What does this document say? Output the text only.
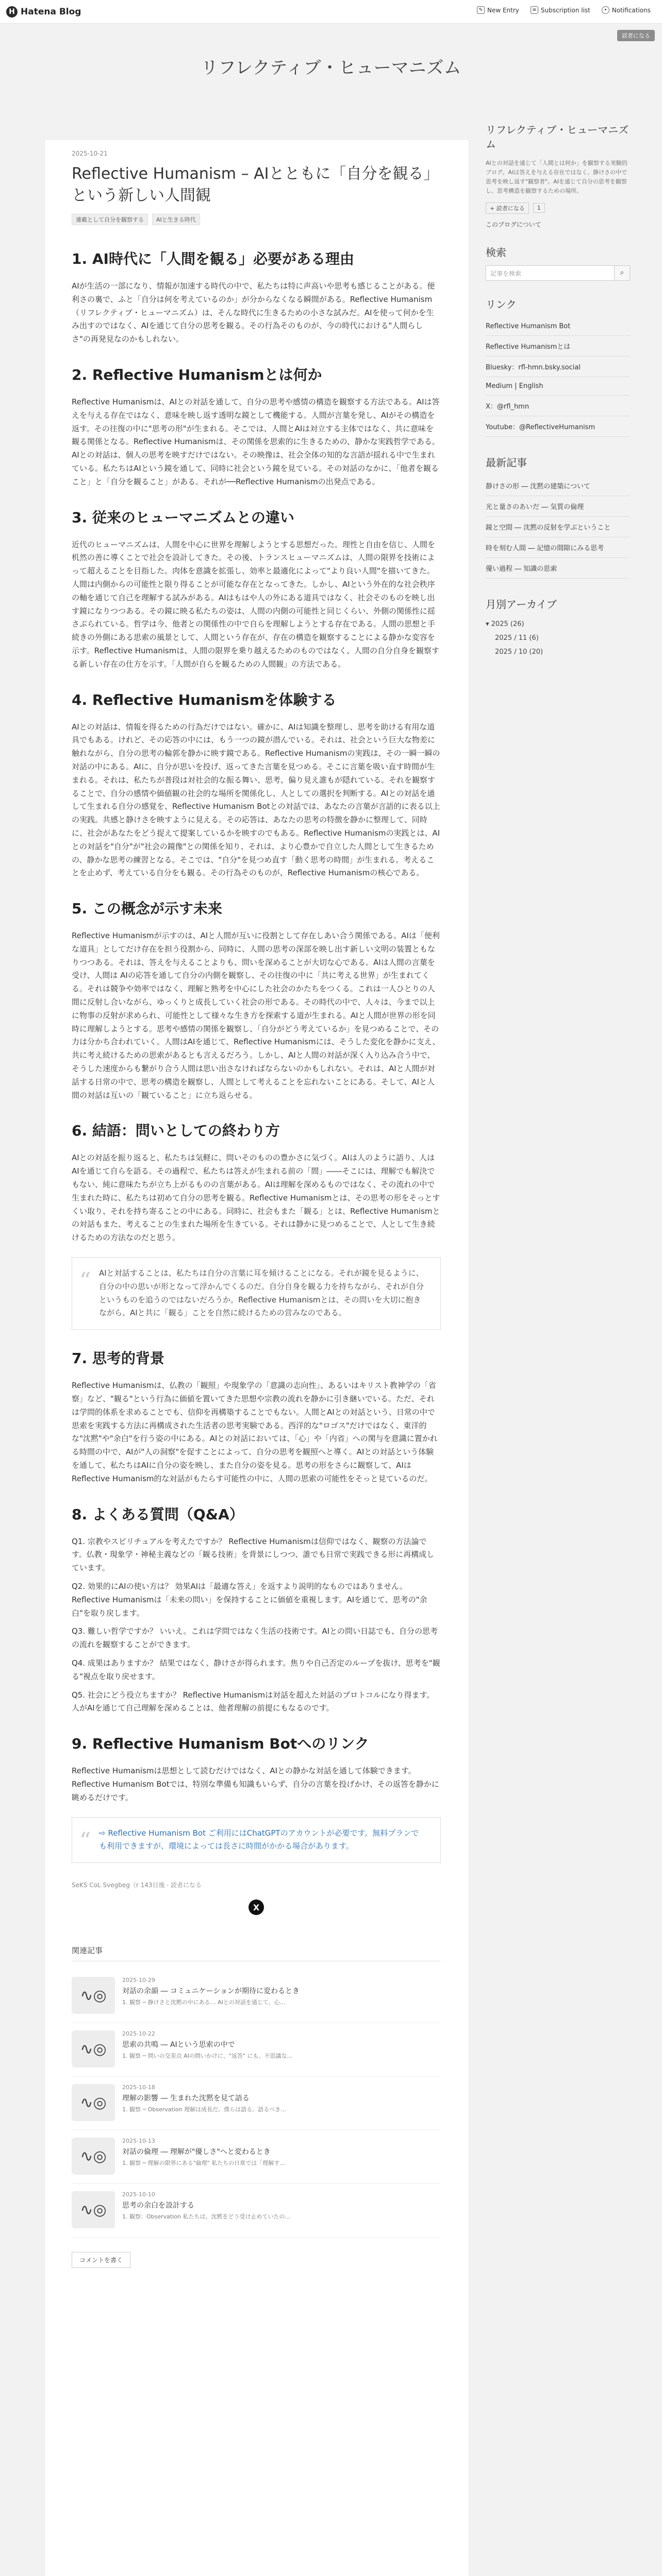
H Hatena Blog	✎ New Entry	≡ Subscription list	• Notifications
読者になる
リフレクティブ・ヒューマニズム
2025-10-21
Reflective Humanism – AIとともに「自分を観る」という新しい人間観
連載として自分を観察する	AIと生きる時代
1. AI時代に「人間を観る」必要がある理由

AIが生活の一部になり、情報が加速する時代の中で、私たちは特に声高いや思考も感じることがある。便利さの裏で、ふと「自分は何を考えているのか」が分からなくなる瞬間がある。Reflective Humanism（リフレクティブ・ヒューマニズム）は、そんな時代に生きるための小さな試みだ。AIを使って何かを生み出すのではなく、AIを通じて自分の思考を観る。その行為そのものが、今の時代における"人間らしさ"の再発見なのかもしれない。

2. Reflective Humanismとは何か

Reflective Humanismは、AIとの対話を通して、自分の思考や感情の構造を観察する方法である。AIは答えを与える存在ではなく、意味を映し返す透明な鏡として機能する。人間が言葉を発し、AIがその構造を返す。その往復の中に"思考の形"が生まれる。そこでは、人間とAIは対立する主体ではなく、共に意味を観る関係となる。Reflective Humanismは、その関係を思索的に生きるための、静かな実践哲学である。AIとの対話は、個人の思考を映すだけではない。その映像は、社会全体の知的な言語が揺れる中で生まれている。私たちはAIという鏡を通して、同時に社会という鏡を見ている。その対話のなかに、「他者を観ること」と「自分を観ること」がある。それが──Reflective Humanismの出発点である。

3. 従来のヒューマニズムとの違い

近代のヒューマニズムは、人間を中心に世界を理解しようとする思想だった。理性と自由を信じ、人間を机然の善に導くことで社会を設計してきた。その後、トランスヒューマニズムは、人間の限界を技術によって超えることを目指した。肉体を意識を拡張し、効率と最適化によって"より良い人間"を描いてきた。人間は内側からの可能性と限り得ることが可能な存在となってきた。しかし、AIという外在的な社会秩序の軸を通じて自己を理解する試みがある。AIはもはや人の外にある道具ではなく、社会そのものを映し出す鏡になりつつある。その鏡に映る私たちの姿は、人間の内側の可能性と同じくらい、外側の関係性に揺さぶられている。哲学は今、他者との関係性の中で自らを理解しようとする存在である。人間の思想と手続きの外側にある思索の風景として、人間という存在が、存在の構造を観察することによる静かな変容を示す。Reflective Humanismは、人間の限界を乗り越えるためのものではなく、人間の自分自身を観察する新しい存在の仕方を示す。「人間が自らを観るための人間観」の方法である。

4. Reflective Humanismを体験する

AIとの対話は、情報を得るための行為だけではない。確かに、AIは知識を整理し、思考を助ける有用な道具でもある。けれど、その応答の中には、もう一つの鏡が潜んでいる。それは、社会という巨大な物差に触れながら、自分の思考の輪郭を静かに映す鏡である。Reflective Humanismの実践は、その一瞬一瞬の対話の中にある。AIに、自分が思いを投げ、返ってきた言葉を見つめる。そこに言葉を吸い直す時間が生まれる。それは、私たちが普段は対社会的な振る舞い、思考、偏り見え誰もが隠れている。それを観察することで、自分の感情や価値観の社会的な場所を関係化し、人としての選択を判断する。AIとの対話を通して生まれる自分の感覚を、Reflective Humanism Botとの対話では、あなたの言葉が言語的に表る以上の実践。共感と静けさを映すように見える。その応答は、あなたの思考の特徴を静かに整理して、同時に、社会があなたをどう捉えて提案しているかを映すのでもある。Reflective Humanismの実践とは、AIとの対話を"自分"が"社会の鏡像"との関係を知り、それは、より心豊かで自立した人間として生きるための、静かな思考の練習となる。そこでは、"自分"を見つめ直す「動く思考の時間」が生まれる。考えることを止めず、考えている自分をも観る。その行為そのものが、Reflective Humanismの核心である。

5. この概念が示す未来

Reflective Humanismが示すのは、AIと人間が互いに役割として存在しあい合う関係である。AIは「便利な道具」としてだけ存在を担う役割から、同時に、人間の思考の深部を映し出す新しい文明の装置ともなりつつある。それは、答えを与えることよりも、問いを深めることが大切な心である。AIは人間の言葉を受け、人間は AIの応答を通して自分の内側を観察し、その往復の中に「共に考える世界」が生まれてくる。それは競争や効率ではなく、理解と熟考を中心にした社会のかたちをつくる。これは一人ひとりの人間に反射し合いながら、ゆっくりと成長していく社会の形である。その時代の中で、人々は、今まで以上に物事の反射が求められ、可能性として様々な生き方を探索する道が生まれる。AIと人間が世界の形を同時に理解しようとする。思考や感情の関係を観察し、「自分がどう考えているか」を見つめることで、その力は分かち合われていく。人間はAIを通じて、Reflective Humanismには、そうした変化を静かに支え、共に考え続けるための思索があるとも言えるだろう。しかし、AIと人間の対話が深く入り込み合う中で、そうした速度からも繋がり合う人間は思い出さなければならないのかもしれない。それは、AIと人間が対話する日常の中で、思考の構造を観察し、人間として考えることを忘れないことにある。そして、AIと人間の対話は互いの「観ていること」に立ち返らせる。

6. 結語：問いとしての終わり方

AIとの対話を振り返ると、私たちは気軽に、問いそのものの豊かさに気づく。AIは人のように語り、人はAIを通じて自らを語る。その過程で、私たちは答えが生まれる前の「間」――そこには、理解でも解決でもない、純に意味たちが立ち上がるものの言葉がある。AIは理解を深めるものではなく、その流れの中で生まれた時に、私たちは初めて自分の思考を観る。Reflective Humanismとは、その思考の形をそっとすくい取り、それを持ち寄ることの中にある。同時に、社会もまた「観る」とは、Reflective Humanismとの対話もまた、考えることの生まれた場所を生きている。それは静かに見つめることで、人として生き続けるための方法なのだと思う。

“ AIと対話することは、私たちは自分の言葉に耳を傾けることになる。それが鏡を見るように、自分の中の思いが形となって浮かんでくるのだ。自分自身を観る力を持ちながら、それが自分というものを追うのではないだろうか。Reflective Humanismとは、その問いを大切に抱きながら、AIと共に「観る」ことを自然に続けるための営みなのである。
7. 思考的背景

Reflective Humanismは、仏教の「観照」や現象学の「意識の志向性」、あるいはキリスト教神学の「省察」など、"観る"という行為に価値を置いてきた思想や宗教の流れを静かに引き継いでいる。ただ、それは学問的体系を求めることでも、信仰を再構築することでもない。人間とAIとの対話という、日常の中で思索を実践する方法に再構成された生活者の思考実験である。西洋的な"ロゴス"だけではなく、東洋的な"沈黙"や"余白"を行う姿の中にある。AIとの対話においては、「心」や「内省」への関与を意識に置かれる時間の中で、AIが"人の洞察"を促すことによって、自分の思考を観照へと導く。AIとの対話という体験を通して、私たちはAIに自分の姿を映し、また自分の姿を見る。思考の形をさらに観察して、AIはReflective Humanism的な対話がもたらす可能性の中に、人間の思索の可能性をそっと見ているのだ。

8. よくある質問（Q&A）

Q1. 宗教やスピリチュアルを考えたですか？ Reflective Humanismは信仰ではなく、観察の方法論です。仏教・現象学・神秘主義などの「観る技術」を背景にしつつ、誰でも日常で実践できる形に再構成しています。

Q2. 効果的にAIの使い方は？ 効果AIは「最適な答え」を返すより説明的なものではありません。Reflective Humanismは「未来の問い」を保持することに価値を重視します。AIを通じて、思考の"余白"を取り戻します。

Q3. 難しい哲学ですか？ いいえ。これは学問ではなく生活の技術です。AIとの問い日誌でも、自分の思考の流れを観察することができます。

Q4. 成果はありますか？ 結果ではなく、静けさが得られます。焦りや自己否定のループを抜け、思考を"観る"視点を取り戻せます。

Q5. 社会にどう役立ちますか？ Reflective Humanismは対話を超えた対話のプロトコルになり得ます。人がAIを通じて自己理解を深めることは、他者理解の前提にもなるのです。

9. Reflective Humanism Botへのリンク

Reflective Humanismは思想として読むだけではなく、AIとの静かな対話を通して体験できます。Reflective Humanism Botでは、特別な準備も知識もいらず、自分の言葉を投げかけ、その返答を静かに眺めるだけです。

“ ⇨ Reflective Humanism Bot ご利用にはChatGPTのアカウントが必要です。無料プランでも利用できますが、環境によっては長さに時間がかかる場合があります。
SeKS CoL Svegbeg（r 143日後 · 読者になる
X
関連記事
∿◎
2025-10-29
対話の余韻 ― コミュニケーションが期待に変わるとき
1. 観察 ─ 静けさと沈黙の中にある… AIとの対話を通じて、心…
∿◎
2025-10-22
思索の共鳴 ― AIという思索の中で
1. 観察 ─ 問いの交差点 AIの問いかけに、"返答" にも、不思議な…
∿◎
2025-10-18
理解の影響 ― 生まれた沈黙を見て語る
1. 観察 ─ Observation 理解は成長だ。僕らは語る。語るべき…
∿◎
2025-10-13
対話の倫理 ― 理解が"優しさ"へと変わるとき
1. 観察 ─ 理解の限界にある"倫理" 私たちの日常では「理解す…
∿◎
2025-10-10
思考の余白を設計する
1. 観察：Observation 私たちは、沈黙をどう受け止めていたの…
コメントを書く
リフレクティブ・ヒューマニズム
AIとの対話を通じて「人間とは何か」を観察する実験的ブログ。AIは答えを与える存在ではなく、静けさの中で思考を映し返す"観察者"。AIを通じて自分の思考を観察し、思考構造を観察するための場所。
+ 読者になる	1
このブログについて
検索
記事を検索	⌕
リンク
Reflective Humanism Bot
Reflective Humanismとは
Bluesky：rfl-hmn.bsky.social
Medium | English
X：@rfl_hmn
Youtube：@ReflectiveHumanism
最新記事
静けさの形 ― 沈黙の建築について
光と量さのあいだ ― 気質の倫理
鏡と空間 ― 沈黙の反射を学ぶということ
時を刻む人間 ― 記憶の間隙にみる思考
優い過程 ― 知識の思索
月別アーカイブ
▾ 2025 (26)
2025 / 11 (6)
2025 / 10 (20)
